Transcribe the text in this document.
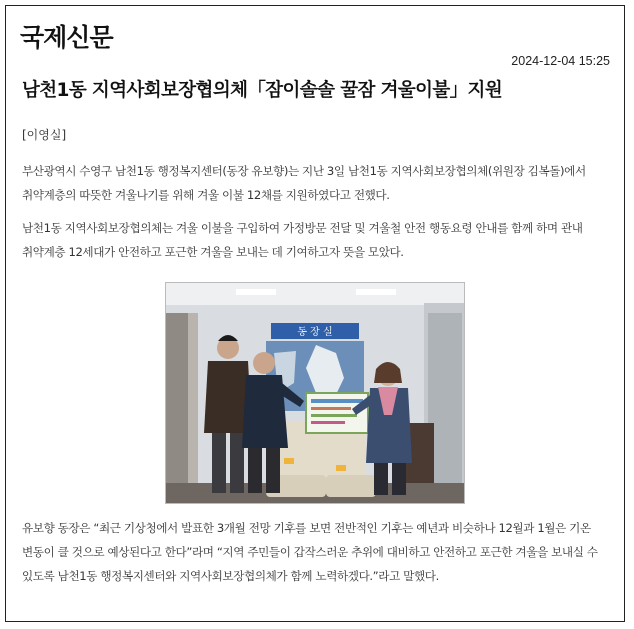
국제신문
2024-12-04 15:25
남천1동 지역사회보장협의체「잠이솔솔 꿀잠 겨울이불」지원
[이영실]
부산광역시 수영구 남천1동 행정복지센터(동장 유보향)는 지난 3일 남천1동 지역사회보장협의체(위원장 김복돌)에서 취약계층의 따뜻한 겨울나기를 위해 겨울 이불 12채를 지원하였다고 전했다.
남천1동 지역사회보장협의체는 겨울 이불을 구입하여 가정방문 전달 및 겨울철 안전 행동요령 안내를 함께 하며 관내 취약계층 12세대가 안전하고 포근한 겨울을 보내는 데 기여하고자 뜻을 모았다.
동 장 실
유보향 동장은 “최근 기상청에서 발표한 3개월 전망 기후를 보면 전반적인 기후는 예년과 비슷하나 12월과 1월은 기온 변동이 클 것으로 예상된다고 한다”라며 “지역 주민들이 갑작스러운 추위에 대비하고 안전하고 포근한 겨울을 보내실 수 있도록 남천1동 행정복지센터와 지역사회보장협의체가 함께 노력하겠다.”라고 말했다.
